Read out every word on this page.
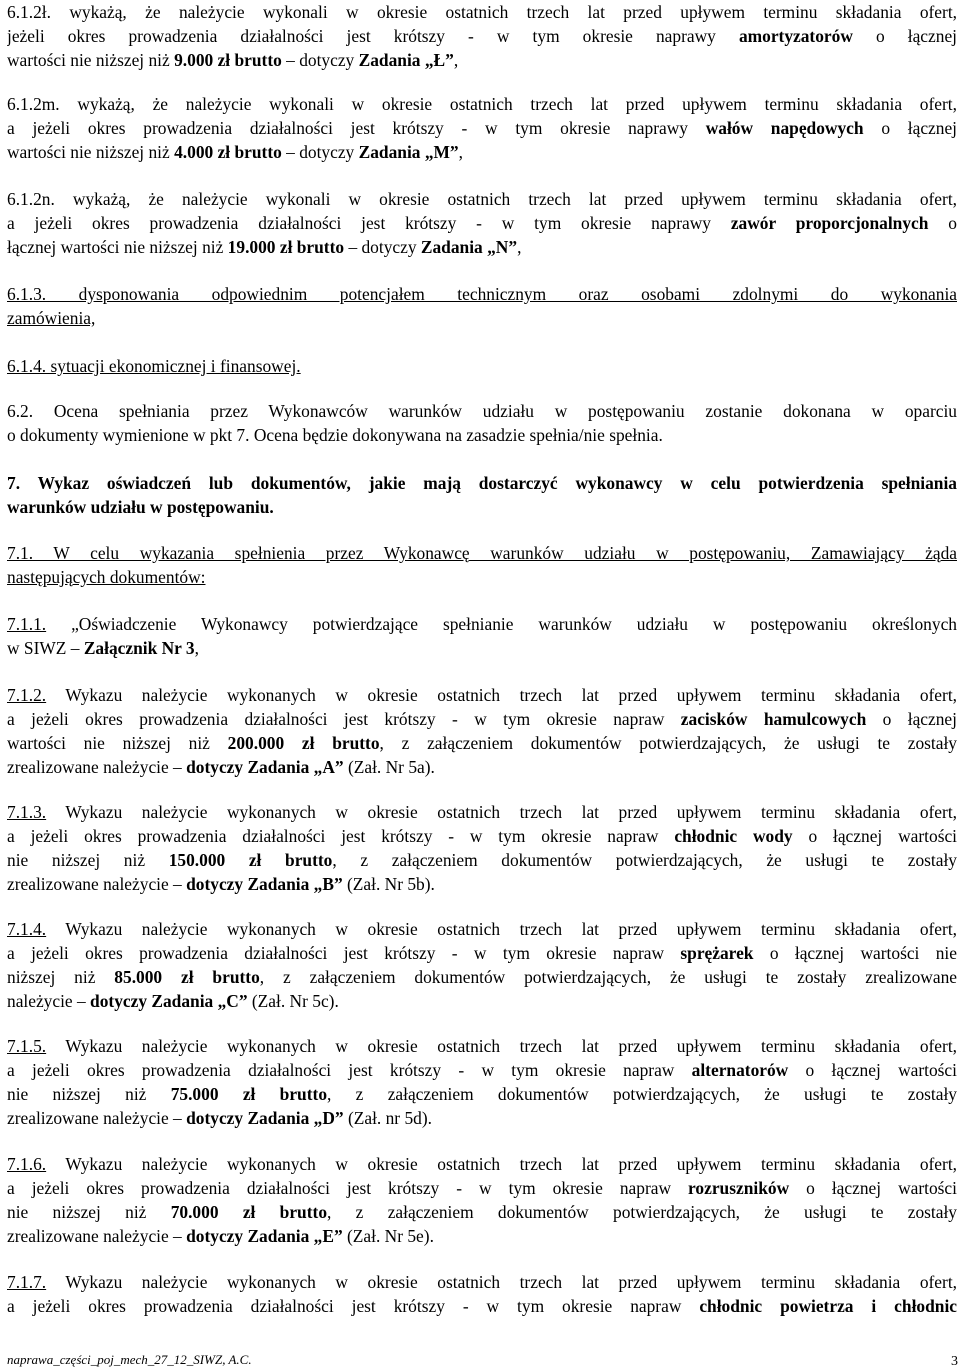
6.1.2ł. wykażą, że należycie wykonali w okresie ostatnich trzech lat przed upływem terminu składania ofert,
jeżeli okres prowadzenia działalności jest krótszy - w tym okresie naprawy amortyzatorów o łącznej
wartości nie niższej niż 9.000 zł brutto – dotyczy Zadania „Ł”,
6.1.2m. wykażą, że należycie wykonali w okresie ostatnich trzech lat przed upływem terminu składania ofert,
a jeżeli okres prowadzenia działalności jest krótszy - w tym okresie naprawy wałów napędowych o łącznej
wartości nie niższej niż 4.000 zł brutto – dotyczy Zadania „M”,
6.1.2n. wykażą, że należycie wykonali w okresie ostatnich trzech lat przed upływem terminu składania ofert,
a jeżeli okres prowadzenia działalności jest krótszy - w tym okresie naprawy zawór proporcjonalnych o
łącznej wartości nie niższej niż 19.000 zł brutto – dotyczy Zadania „N”,
6.1.3. dysponowania odpowiednim potencjałem technicznym oraz osobami zdolnymi do wykonania
zamówienia,
6.1.4. sytuacji ekonomicznej i finansowej.
6.2. Ocena spełniania przez Wykonawców warunków udziału w postępowaniu zostanie dokonana w oparciu
o dokumenty wymienione w pkt 7. Ocena będzie dokonywana na zasadzie spełnia/nie spełnia.
7. Wykaz oświadczeń lub dokumentów, jakie mają dostarczyć wykonawcy w celu potwierdzenia spełniania
warunków udziału w postępowaniu.
7.1. W celu wykazania spełnienia przez Wykonawcę warunków udziału w postępowaniu, Zamawiający żąda
następujących dokumentów:
7.1.1. „Oświadczenie Wykonawcy potwierdzające spełnianie warunków udziału w postępowaniu określonych
w SIWZ – Załącznik Nr 3,
7.1.2. Wykazu należycie wykonanych w okresie ostatnich trzech lat przed upływem terminu składania ofert,
a jeżeli okres prowadzenia działalności jest krótszy - w tym okresie napraw zacisków hamulcowych o łącznej
wartości nie niższej niż 200.000 zł brutto, z załączeniem dokumentów potwierdzających, że usługi te zostały
zrealizowane należycie – dotyczy Zadania „A” (Zał. Nr 5a).
7.1.3. Wykazu należycie wykonanych w okresie ostatnich trzech lat przed upływem terminu składania ofert,
a jeżeli okres prowadzenia działalności jest krótszy - w tym okresie napraw chłodnic wody o łącznej wartości
nie niższej niż 150.000 zł brutto, z załączeniem dokumentów potwierdzających, że usługi te zostały
zrealizowane należycie – dotyczy Zadania „B” (Zał. Nr 5b).
7.1.4. Wykazu należycie wykonanych w okresie ostatnich trzech lat przed upływem terminu składania ofert,
a jeżeli okres prowadzenia działalności jest krótszy - w tym okresie napraw sprężarek o łącznej wartości nie
niższej niż 85.000 zł brutto, z załączeniem dokumentów potwierdzających, że usługi te zostały zrealizowane
należycie – dotyczy Zadania „C” (Zał. Nr 5c).
7.1.5. Wykazu należycie wykonanych w okresie ostatnich trzech lat przed upływem terminu składania ofert,
a jeżeli okres prowadzenia działalności jest krótszy - w tym okresie napraw alternatorów o łącznej wartości
nie niższej niż 75.000 zł brutto, z załączeniem dokumentów potwierdzających, że usługi te zostały
zrealizowane należycie – dotyczy Zadania „D” (Zał. nr 5d).
7.1.6. Wykazu należycie wykonanych w okresie ostatnich trzech lat przed upływem terminu składania ofert,
a jeżeli okres prowadzenia działalności jest krótszy - w tym okresie napraw rozruszników o łącznej wartości
nie niższej niż 70.000 zł brutto, z załączeniem dokumentów potwierdzających, że usługi te zostały
zrealizowane należycie – dotyczy Zadania „E” (Zał. Nr 5e).
7.1.7. Wykazu należycie wykonanych w okresie ostatnich trzech lat przed upływem terminu składania ofert,
a jeżeli okres prowadzenia działalności jest krótszy - w tym okresie napraw chłodnic powietrza i chłodnic
naprawa_części_poj_mech_27_12_SIWZ, A.C.	3
